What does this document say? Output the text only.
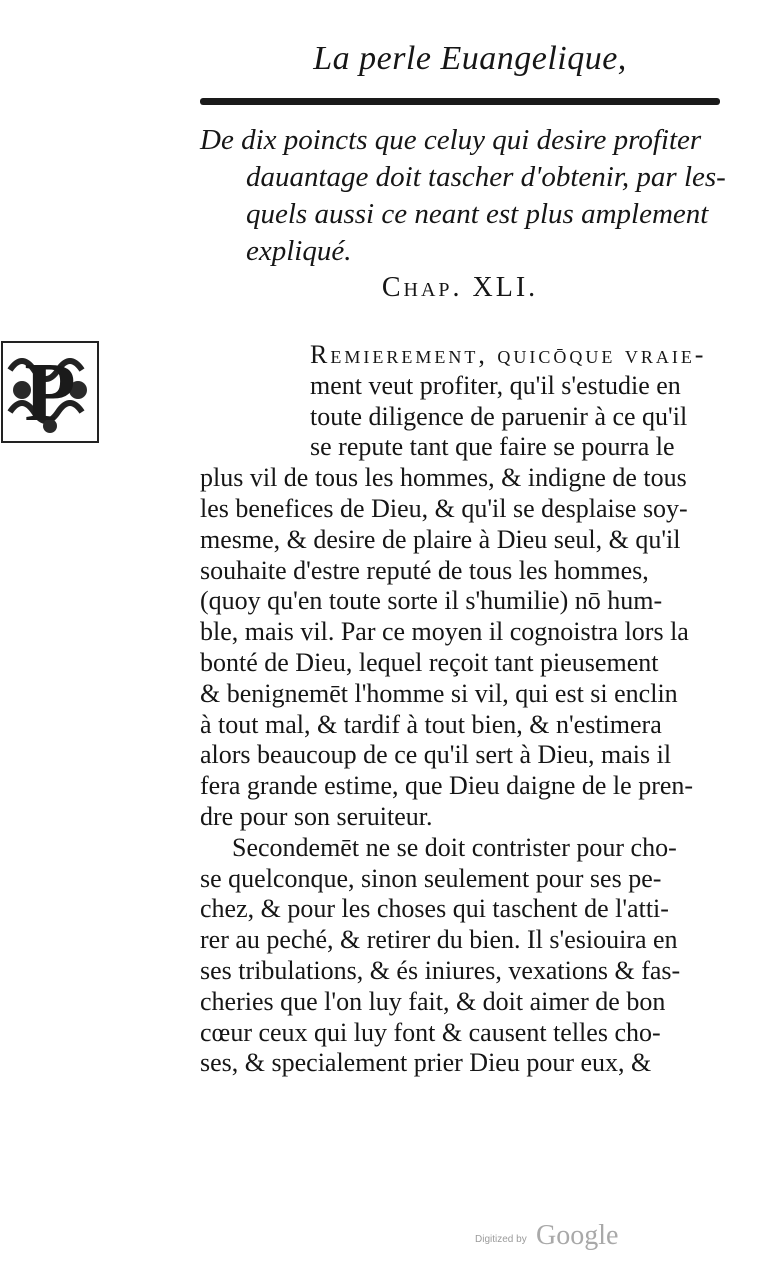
La perle Euangelique,
De dix poincts que celuy qui desire profiter
dauantage doit tascher d'obtenir, par les-
quels aussi ce neant est plus amplement
expliqué.
Chap. XLI.
P	Remierement, quicōque vraie-
ment veut profiter, qu'il s'estudie en
toute diligence de paruenir à ce qu'il
se repute tant que faire se pourra le
plus vil de tous les hommes, & indigne de tous
les benefices de Dieu, & qu'il se desplaise soy-
mesme, & desire de plaire à Dieu seul, & qu'il
souhaite d'estre reputé de tous les hommes,
(quoy qu'en toute sorte il s'humilie) nō hum-
ble, mais vil. Par ce moyen il cognoistra lors la
bonté de Dieu, lequel reçoit tant pieusement
& benignemēt l'homme si vil, qui est si enclin
à tout mal, & tardif à tout bien, & n'estimera
alors beaucoup de ce qu'il sert à Dieu, mais il
fera grande estime, que Dieu daigne de le pren-
dre pour son seruiteur.
Secondemēt ne se doit contrister pour cho-
se quelconque, sinon seulement pour ses pe-
chez, & pour les choses qui taschent de l'atti-
rer au peché, & retirer du bien. Il s'esiouira en
ses tribulations, & és iniures, vexations & fas-
cheries que l'on luy fait, & doit aimer de bon
cœur ceux qui luy font & causent telles cho-
ses, & specialement prier Dieu pour eux, &
Digitized by Google
